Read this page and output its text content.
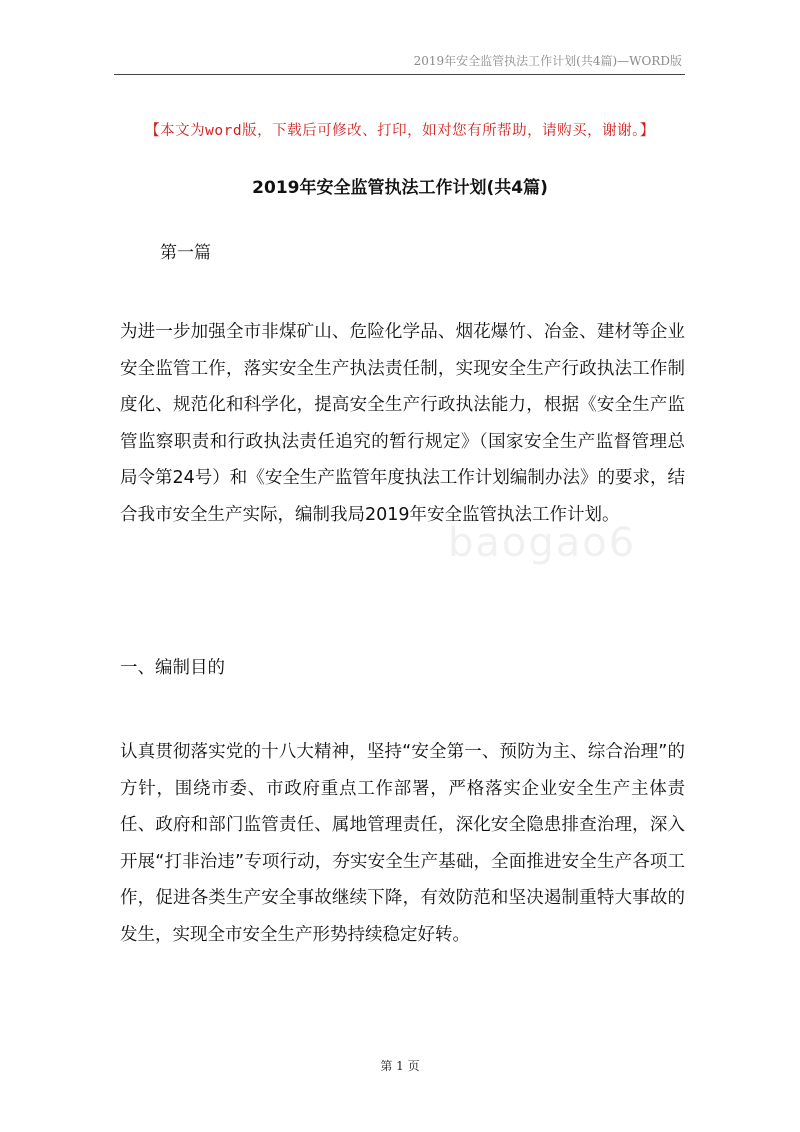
2019年安全监管执法工作计划(共4篇)—WORD版
【本文为word版，下载后可修改、打印，如对您有所帮助，请购买，谢谢。】
2019年安全监管执法工作计划(共4篇)
第一篇
为进一步加强全市非煤矿山、危险化学品、烟花爆竹、冶金、建材等企业安全监管工作，落实安全生产执法责任制，实现安全生产行政执法工作制度化、规范化和科学化，提高安全生产行政执法能力，根据《安全生产监管监察职责和行政执法责任追究的暂行规定》（国家安全生产监督管理总局令第24号）和《安全生产监管年度执法工作计划编制办法》的要求，结合我市安全生产实际，编制我局2019年安全监管执法工作计划。
一、编制目的
认真贯彻落实党的十八大精神，坚持“安全第一、预防为主、综合治理”的方针，围绕市委、市政府重点工作部署，严格落实企业安全生产主体责任、政府和部门监管责任、属地管理责任，深化安全隐患排查治理，深入开展“打非治违”专项行动，夯实安全生产基础，全面推进安全生产各项工作，促进各类生产安全事故继续下降，有效防范和坚决遏制重特大事故的发生，实现全市安全生产形势持续稳定好转。
baogao6
第 1 页
